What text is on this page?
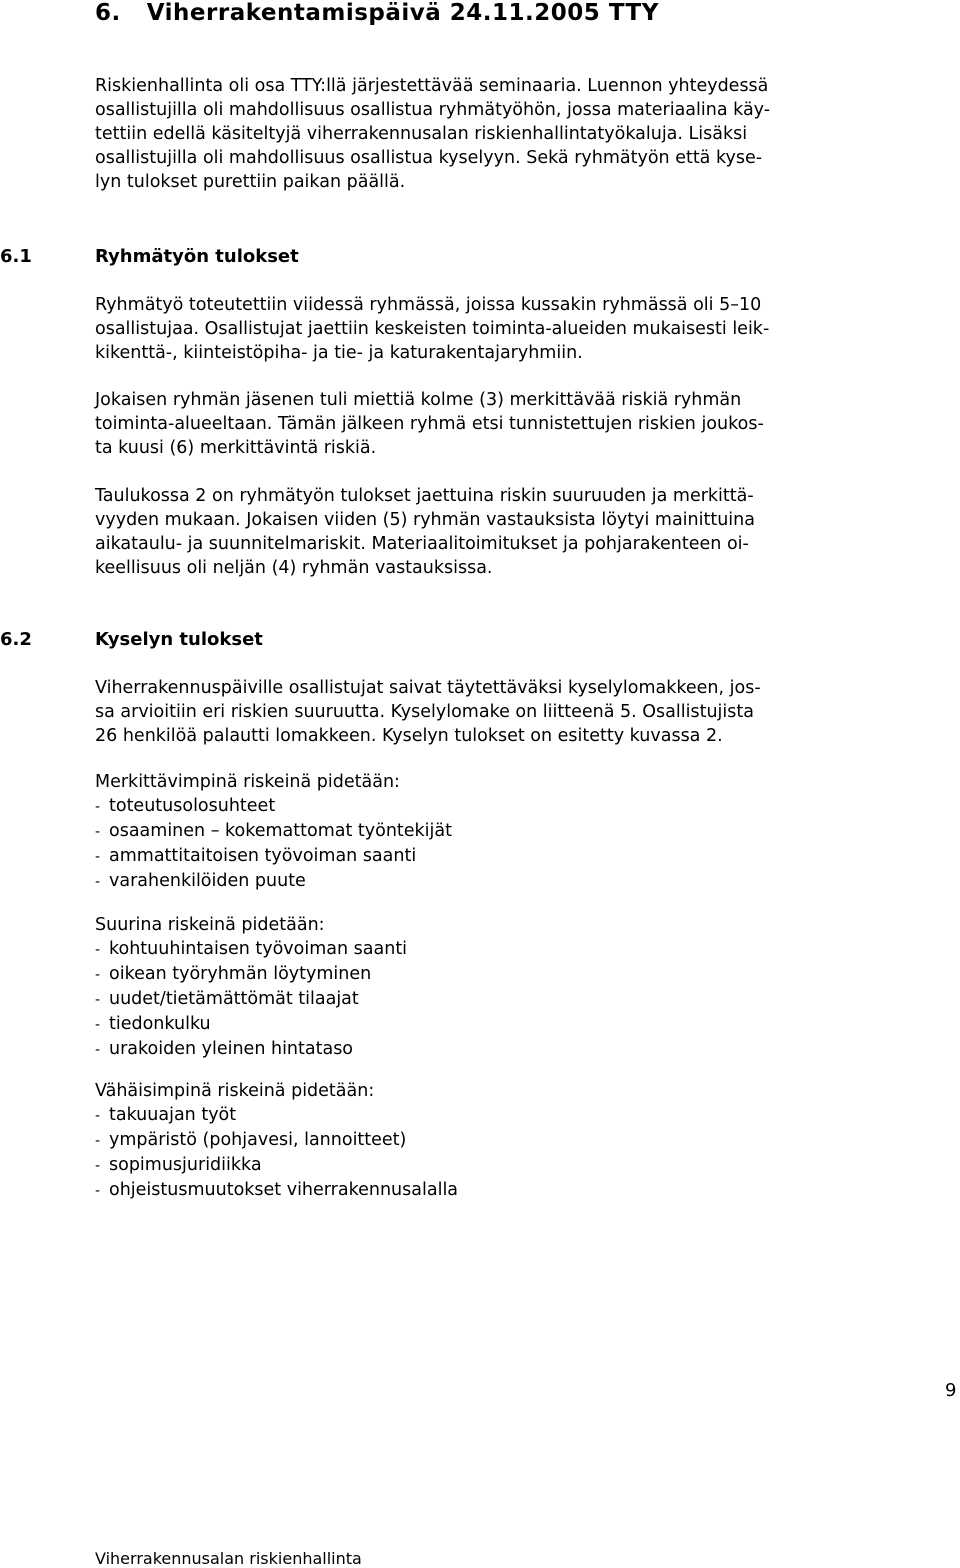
6. Viherrakentamispäivä 24.11.2005 TTY
Riskienhallinta oli osa TTY:llä järjestettävää seminaaria. Luennon yhteydessä
osallistujilla oli mahdollisuus osallistua ryhmätyöhön, jossa materiaalina käy-
tettiin edellä käsiteltyjä viherrakennusalan riskienhallintatyökaluja. Lisäksi
osallistujilla oli mahdollisuus osallistua kyselyyn. Sekä ryhmätyön että kyse-
lyn tulokset purettiin paikan päällä.
6.1	Ryhmätyön tulokset
Ryhmätyö toteutettiin viidessä ryhmässä, joissa kussakin ryhmässä oli 5–10
osallistujaa. Osallistujat jaettiin keskeisten toiminta-alueiden mukaisesti leik-
kikenttä-, kiinteistöpiha- ja tie- ja katurakentajaryhmiin.
Jokaisen ryhmän jäsenen tuli miettiä kolme (3) merkittävää riskiä ryhmän
toiminta-alueeltaan. Tämän jälkeen ryhmä etsi tunnistettujen riskien joukos-
ta kuusi (6) merkittävintä riskiä.
Taulukossa 2 on ryhmätyön tulokset jaettuina riskin suuruuden ja merkittä-
vyyden mukaan. Jokaisen viiden (5) ryhmän vastauksista löytyi mainittuina
aikataulu- ja suunnitelmariskit. Materiaalitoimitukset ja pohjarakenteen oi-
keellisuus oli neljän (4) ryhmän vastauksissa.
6.2	Kyselyn tulokset
Viherrakennuspäiville osallistujat saivat täytettäväksi kyselylomakkeen, jos-
sa arvioitiin eri riskien suuruutta. Kyselylomake on liitteenä 5. Osallistujista
26 henkilöä palautti lomakkeen. Kyselyn tulokset on esitetty kuvassa 2.
Merkittävimpinä riskeinä pidetään:
- toteutusolosuhteet
- osaaminen – kokemattomat työntekijät
- ammattitaitoisen työvoiman saanti
- varahenkilöiden puute
Suurina riskeinä pidetään:
- kohtuuhintaisen työvoiman saanti
- oikean työryhmän löytyminen
- uudet/tietämättömät tilaajat
- tiedonkulku
- urakoiden yleinen hintataso
Vähäisimpinä riskeinä pidetään:
- takuuajan työt
- ympäristö (pohjavesi, lannoitteet)
- sopimusjuridiikka
- ohjeistusmuutokset viherrakennusalalla
9
Viherrakennusalan riskienhallinta
